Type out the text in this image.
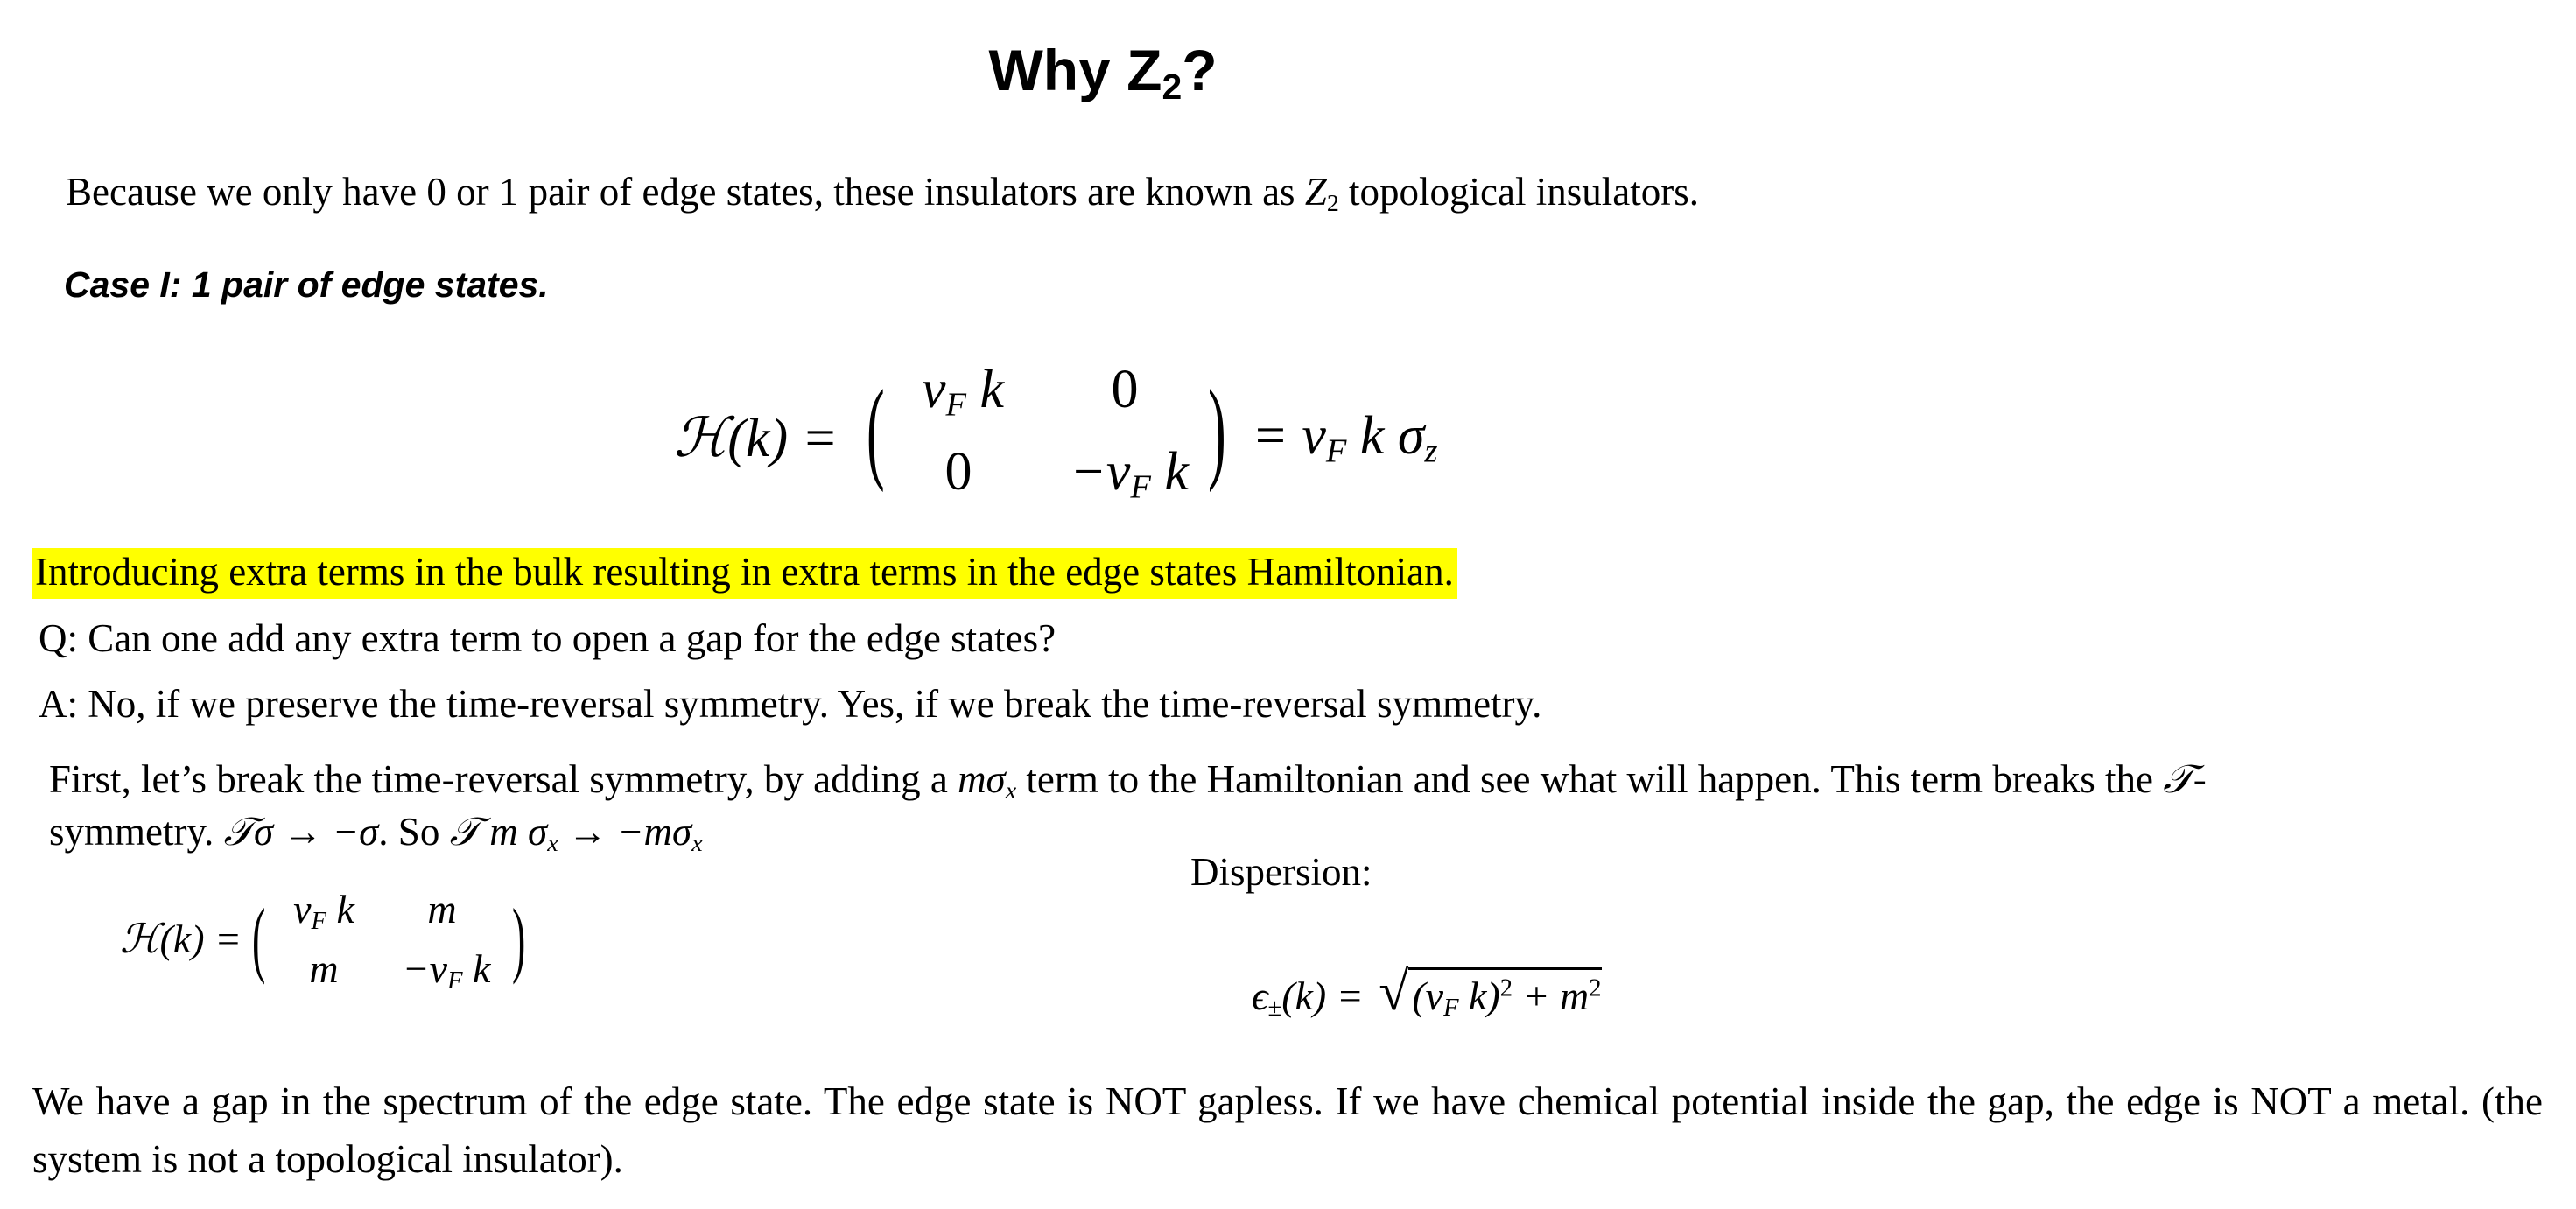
Why $Z_2$?
Because we only have 0 or 1 pair of edge states, these insulators are known as $Z_2$ topological insulators.
Case I: 1 pair of edge states.
ℋ(k) = ( $v_F$ k	0
0	$-v_F$ k ) = $v_F$ k $\sigma_z$
Introducing extra terms in the bulk resulting in extra terms in the edge states Hamiltonian.
Q: Can one add any extra term to open a gap for the edge states?
A: No, if we preserve the time-reversal symmetry. Yes, if we break the time-reversal symmetry.
First, let’s break the time-reversal symmetry, by adding a $m\sigma_x$ term to the Hamiltonian and see what will happen. This term breaks the 𝒯-
symmetry. 𝒯σ → −σ. So 𝒯 m $\sigma_x \to -m\sigma_x$
Dispersion:
ℋ(k) = ( $v_F$ k	m
m	$-v_F$ k )
$\epsilon_\pm(k) = √(v_F$ $k)^2 + m^2$
We have a gap in the spectrum of the edge state. The edge state is NOT gapless. If we have chemical potential inside the gap, the edge is NOT a metal. (the system is not a topological insulator).
